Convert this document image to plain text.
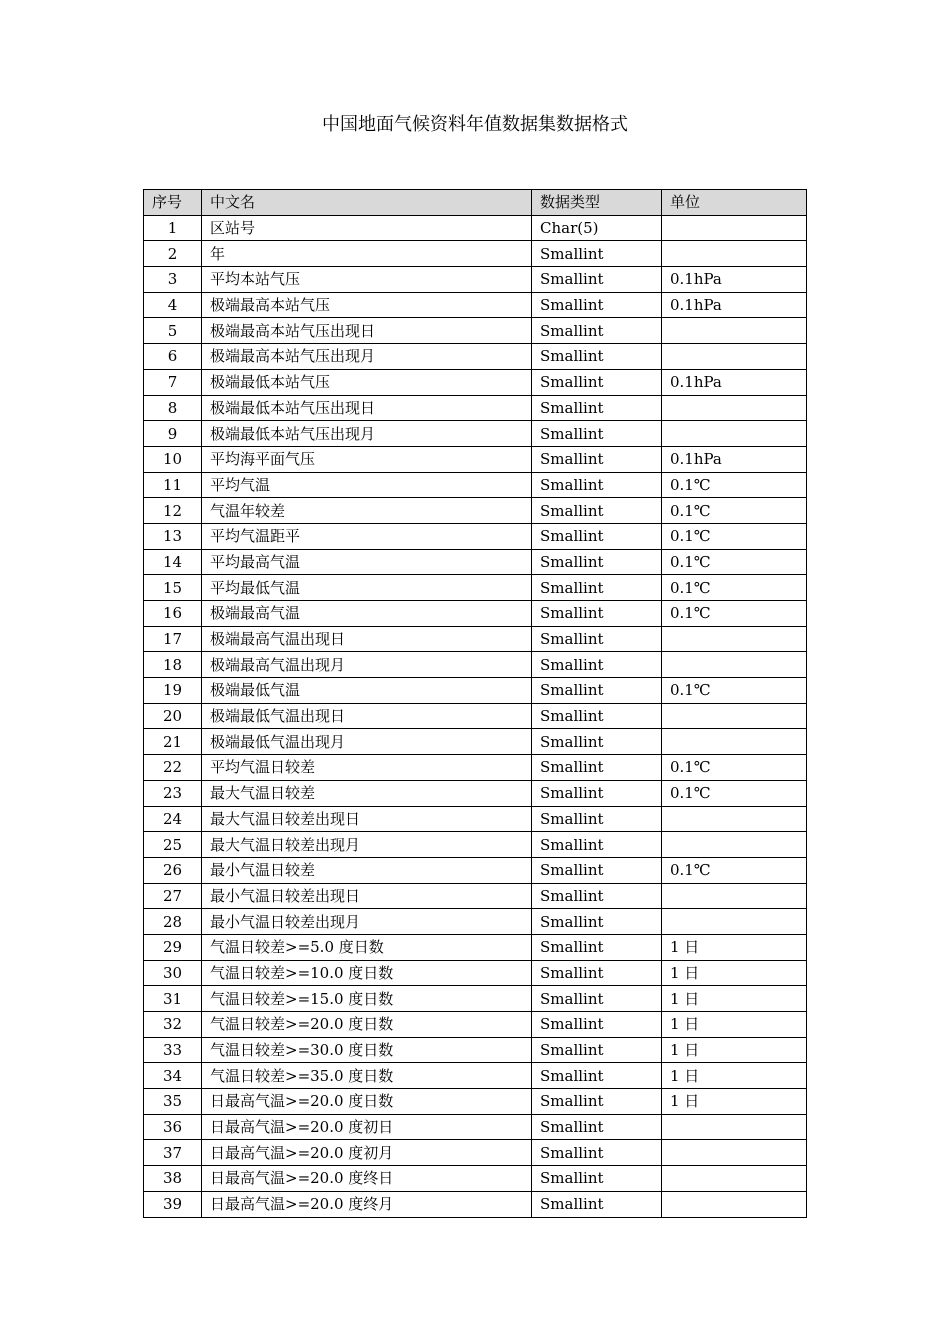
中国地面气候资料年值数据集数据格式
序号	中文名	数据类型	单位
1	区站号	Char(5)	
2	年	Smallint	
3	平均本站气压	Smallint	0.1hPa
4	极端最高本站气压	Smallint	0.1hPa
5	极端最高本站气压出现日	Smallint	
6	极端最高本站气压出现月	Smallint	
7	极端最低本站气压	Smallint	0.1hPa
8	极端最低本站气压出现日	Smallint	
9	极端最低本站气压出现月	Smallint	
10	平均海平面气压	Smallint	0.1hPa
11	平均气温	Smallint	0.1℃
12	气温年较差	Smallint	0.1℃
13	平均气温距平	Smallint	0.1℃
14	平均最高气温	Smallint	0.1℃
15	平均最低气温	Smallint	0.1℃
16	极端最高气温	Smallint	0.1℃
17	极端最高气温出现日	Smallint	
18	极端最高气温出现月	Smallint	
19	极端最低气温	Smallint	0.1℃
20	极端最低气温出现日	Smallint	
21	极端最低气温出现月	Smallint	
22	平均气温日较差	Smallint	0.1℃
23	最大气温日较差	Smallint	0.1℃
24	最大气温日较差出现日	Smallint	
25	最大气温日较差出现月	Smallint	
26	最小气温日较差	Smallint	0.1℃
27	最小气温日较差出现日	Smallint	
28	最小气温日较差出现月	Smallint	
29	气温日较差>=5.0 度日数	Smallint	1 日
30	气温日较差>=10.0 度日数	Smallint	1 日
31	气温日较差>=15.0 度日数	Smallint	1 日
32	气温日较差>=20.0 度日数	Smallint	1 日
33	气温日较差>=30.0 度日数	Smallint	1 日
34	气温日较差>=35.0 度日数	Smallint	1 日
35	日最高气温>=20.0 度日数	Smallint	1 日
36	日最高气温>=20.0 度初日	Smallint	
37	日最高气温>=20.0 度初月	Smallint	
38	日最高气温>=20.0 度终日	Smallint	
39	日最高气温>=20.0 度终月	Smallint	
